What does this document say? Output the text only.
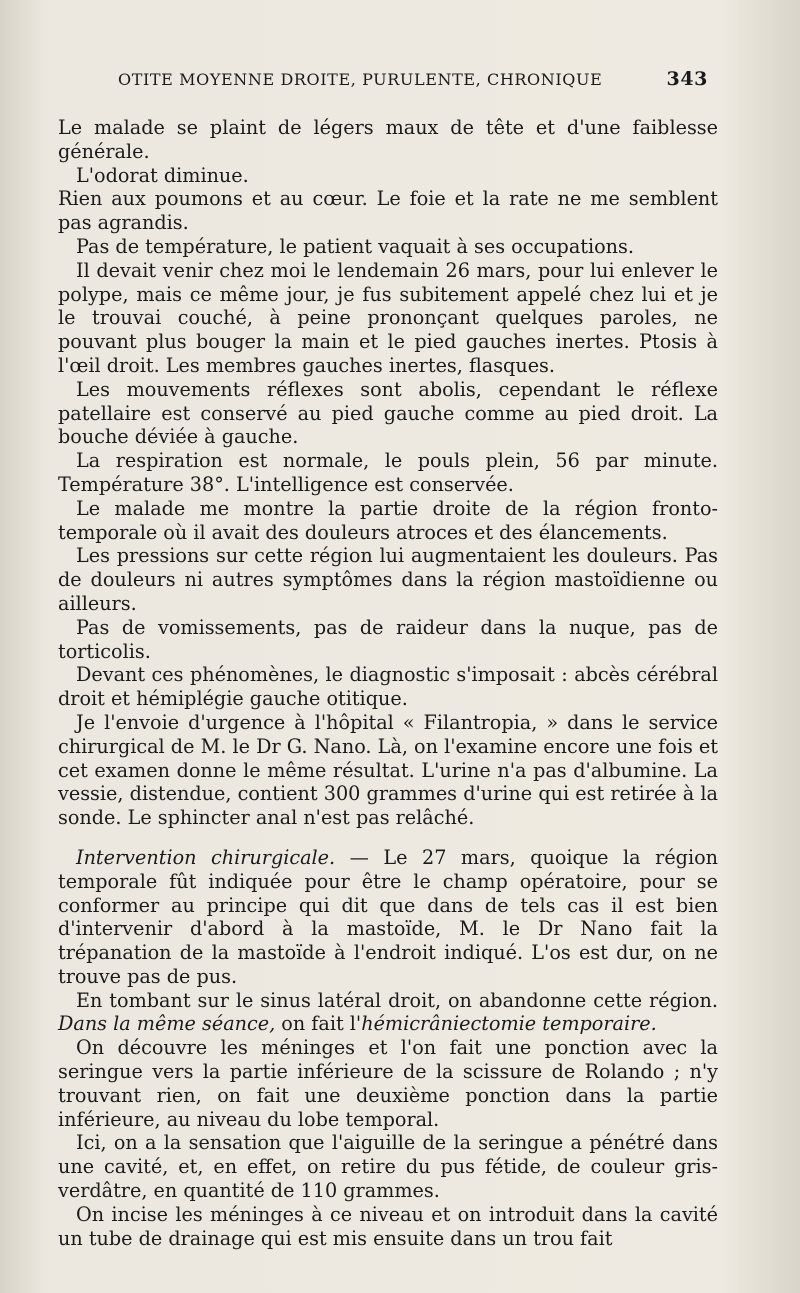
OTITE MOYENNE DROITE, PURULENTE, CHRONIQUE	343

Le malade se plaint de légers maux de tête et d'une faiblesse générale.

L'odorat diminue.

Rien aux poumons et au cœur. Le foie et la rate ne me semblent pas agrandis.

Pas de température, le patient vaquait à ses occupations.

Il devait venir chez moi le lendemain 26 mars, pour lui enlever le polype, mais ce même jour, je fus subitement appelé chez lui et je le trouvai couché, à peine prononçant quelques paroles, ne pouvant plus bouger la main et le pied gauches inertes. Ptosis à l'œil droit. Les membres gauches inertes, flasques.

Les mouvements réflexes sont abolis, cependant le réflexe patellaire est conservé au pied gauche comme au pied droit. La bouche déviée à gauche.

La respiration est normale, le pouls plein, 56 par minute. Température 38°. L'intelligence est conservée.

Le malade me montre la partie droite de la région fronto-temporale où il avait des douleurs atroces et des élancements.

Les pressions sur cette région lui augmentaient les douleurs. Pas de douleurs ni autres symptômes dans la région mastoïdienne ou ailleurs.

Pas de vomissements, pas de raideur dans la nuque, pas de torticolis.

Devant ces phénomènes, le diagnostic s'imposait : abcès cérébral droit et hémiplégie gauche otitique.

Je l'envoie d'urgence à l'hôpital « Filantropia, » dans le service chirurgical de M. le Dr G. Nano. Là, on l'examine encore une fois et cet examen donne le même résultat. L'urine n'a pas d'albumine. La vessie, distendue, contient 300 grammes d'urine qui est retirée à la sonde. Le sphincter anal n'est pas relâché.

Intervention chirurgicale. — Le 27 mars, quoique la région temporale fût indiquée pour être le champ opératoire, pour se conformer au principe qui dit que dans de tels cas il est bien d'intervenir d'abord à la mastoïde, M. le Dr Nano fait la trépanation de la mastoïde à l'endroit indiqué. L'os est dur, on ne trouve pas de pus.

En tombant sur le sinus latéral droit, on abandonne cette région. Dans la même séance, on fait l'hémicrâniectomie temporaire.

On découvre les méninges et l'on fait une ponction avec la seringue vers la partie inférieure de la scissure de Rolando ; n'y trouvant rien, on fait une deuxième ponction dans la partie inférieure, au niveau du lobe temporal.

Ici, on a la sensation que l'aiguille de la seringue a pénétré dans une cavité, et, en effet, on retire du pus fétide, de couleur gris-verdâtre, en quantité de 110 grammes.

On incise les méninges à ce niveau et on introduit dans la cavité un tube de drainage qui est mis ensuite dans un trou fait
